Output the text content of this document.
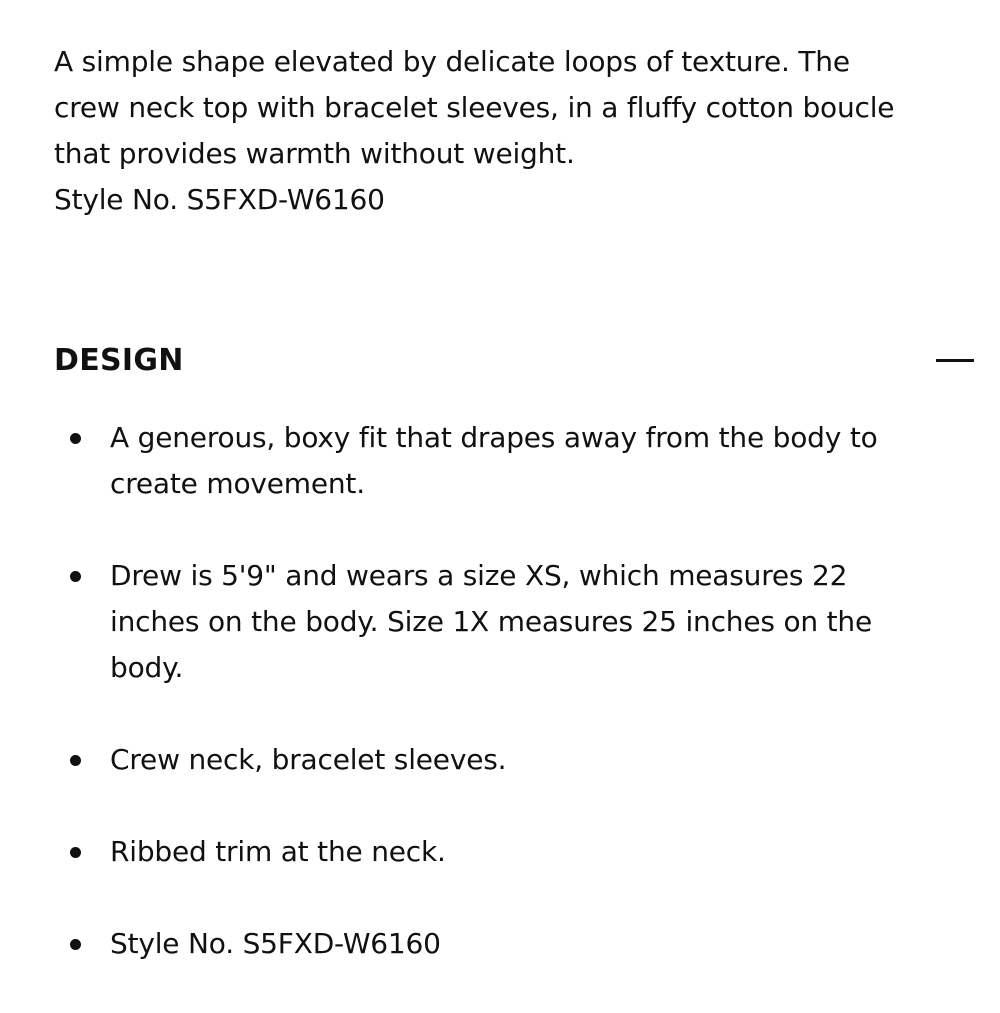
A simple shape elevated by delicate loops of texture. The
crew neck top with bracelet sleeves, in a fluffy cotton boucle
that provides warmth without weight.
Style No. S5FXD-W6160

DESIGN
A generous, boxy fit that drapes away from the body to
create movement.
Drew is 5'9" and wears a size XS, which measures 22
inches on the body. Size 1X measures 25 inches on the
body.
Crew neck, bracelet sleeves.
Ribbed trim at the neck.
Style No. S5FXD-W6160
